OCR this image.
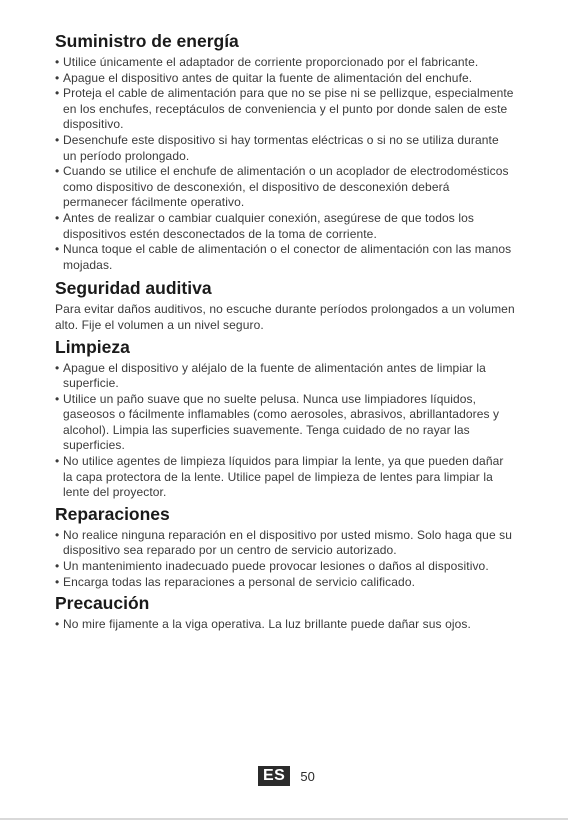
Suministro de energía
• Utilice únicamente el adaptador de corriente proporcionado por el fabricante.
• Apague el dispositivo antes de quitar la fuente de alimentación del enchufe.
• Proteja el cable de alimentación para que no se pise ni se pellizque, especialmente en los enchufes, receptáculos de conveniencia y el punto por donde salen de este dispositivo.
• Desenchufe este dispositivo si hay tormentas eléctricas o si no se utiliza durante un período prolongado.
• Cuando se utilice el enchufe de alimentación o un acoplador de electrodomésticos como dispositivo de desconexión, el dispositivo de desconexión deberá permanecer fácilmente operativo.
• Antes de realizar o cambiar cualquier conexión, asegúrese de que todos los dispositivos estén desconectados de la toma de corriente.
• Nunca toque el cable de alimentación o el conector de alimentación con las manos mojadas.
Seguridad auditiva

Para evitar daños auditivos, no escuche durante períodos prolongados a un volumen alto. Fije el volumen a un nivel seguro.

Limpieza
• Apague el dispositivo y aléjalo de la fuente de alimentación antes de limpiar la superficie.
• Utilice un paño suave que no suelte pelusa. Nunca use limpiadores líquidos, gaseosos o fácilmente inflamables (como aerosoles, abrasivos, abrillantadores y alcohol). Limpia las superficies suavemente. Tenga cuidado de no rayar las superficies.
• No utilice agentes de limpieza líquidos para limpiar la lente, ya que pueden dañar la capa protectora de la lente. Utilice papel de limpieza de lentes para limpiar la lente del proyector.
Reparaciones
• No realice ninguna reparación en el dispositivo por usted mismo. Solo haga que su dispositivo sea reparado por un centro de servicio autorizado.
• Un mantenimiento inadecuado puede provocar lesiones o daños al dispositivo.
• Encarga todas las reparaciones a personal de servicio calificado.
Precaución
• No mire fijamente a la viga operativa. La luz brillante puede dañar sus ojos.
ES	50
